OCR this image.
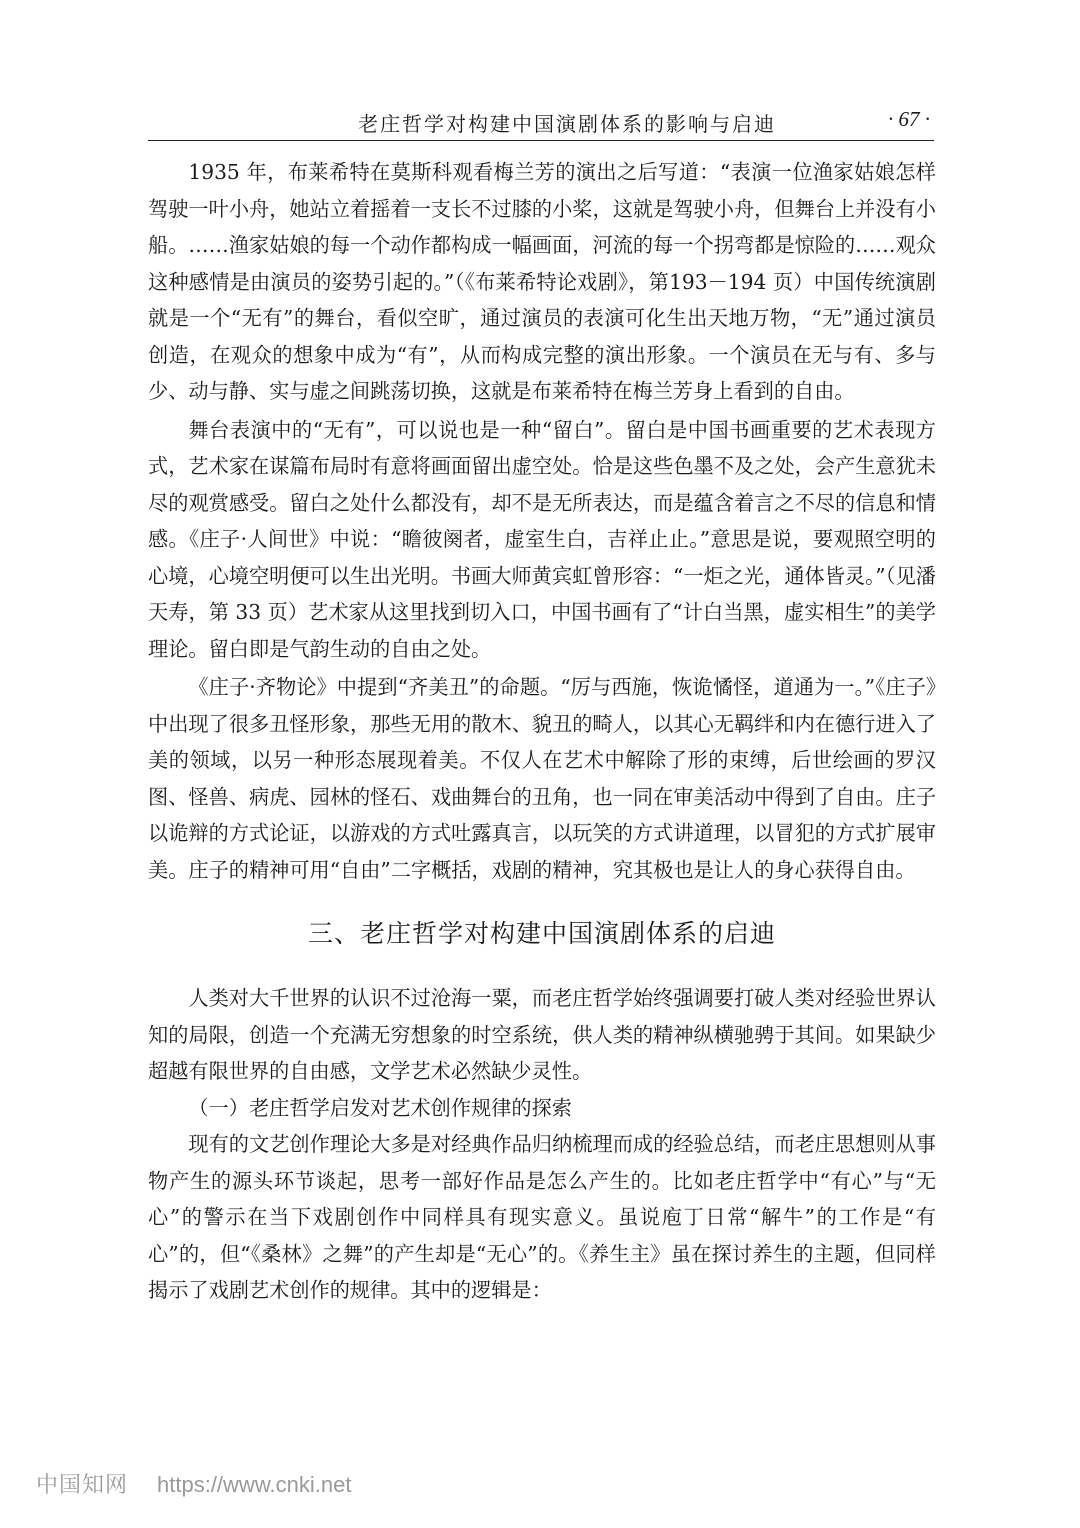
老庄哲学对构建中国演剧体系的影响与启迪	· 67 ·

1935 年，布莱希特在莫斯科观看梅兰芳的演出之后写道：“表演一位渔家姑娘怎样驾驶一叶小舟，她站立着摇着一支长不过膝的小桨，这就是驾驶小舟，但舞台上并没有小船。……渔家姑娘的每一个动作都构成一幅画面，河流的每一个拐弯都是惊险的……观众这种感情是由演员的姿势引起的。”（《布莱希特论戏剧》，第193－194 页）中国传统演剧就是一个“无有”的舞台，看似空旷，通过演员的表演可化生出天地万物，“无”通过演员创造，在观众的想象中成为“有”，从而构成完整的演出形象。一个演员在无与有、多与少、动与静、实与虚之间跳荡切换，这就是布莱希特在梅兰芳身上看到的自由。

舞台表演中的“无有”，可以说也是一种“留白”。留白是中国书画重要的艺术表现方式，艺术家在谋篇布局时有意将画面留出虚空处。恰是这些色墨不及之处，会产生意犹未尽的观赏感受。留白之处什么都没有，却不是无所表达，而是蕴含着言之不尽的信息和情感。《庄子·人间世》中说：“瞻彼阕者，虚室生白，吉祥止止。”意思是说，要观照空明的心境，心境空明便可以生出光明。书画大师黄宾虹曾形容：“一炬之光，通体皆灵。”（见潘天寿，第 33 页）艺术家从这里找到切入口，中国书画有了“计白当黑，虚实相生”的美学理论。留白即是气韵生动的自由之处。

《庄子·齐物论》中提到“齐美丑”的命题。“厉与西施，恢诡憰怪，道通为一。”《庄子》中出现了很多丑怪形象，那些无用的散木、貌丑的畸人，以其心无羁绊和内在德行进入了美的领域，以另一种形态展现着美。不仅人在艺术中解除了形的束缚，后世绘画的罗汉图、怪兽、病虎、园林的怪石、戏曲舞台的丑角，也一同在审美活动中得到了自由。庄子以诡辩的方式论证，以游戏的方式吐露真言，以玩笑的方式讲道理，以冒犯的方式扩展审美。庄子的精神可用“自由”二字概括，戏剧的精神，究其极也是让人的身心获得自由。

三、老庄哲学对构建中国演剧体系的启迪

人类对大千世界的认识不过沧海一粟，而老庄哲学始终强调要打破人类对经验世界认知的局限，创造一个充满无穷想象的时空系统，供人类的精神纵横驰骋于其间。如果缺少超越有限世界的自由感，文学艺术必然缺少灵性。

（一）老庄哲学启发对艺术创作规律的探索

现有的文艺创作理论大多是对经典作品归纳梳理而成的经验总结，而老庄思想则从事物产生的源头环节谈起，思考一部好作品是怎么产生的。比如老庄哲学中“有心”与“无心”的警示在当下戏剧创作中同样具有现实意义。虽说庖丁日常“解牛”的工作是“有心”的，但“《桑林》之舞”的产生却是“无心”的。《养生主》虽在探讨养生的主题，但同样揭示了戏剧艺术创作的规律。其中的逻辑是：

中国知网 https://www.cnki.net
